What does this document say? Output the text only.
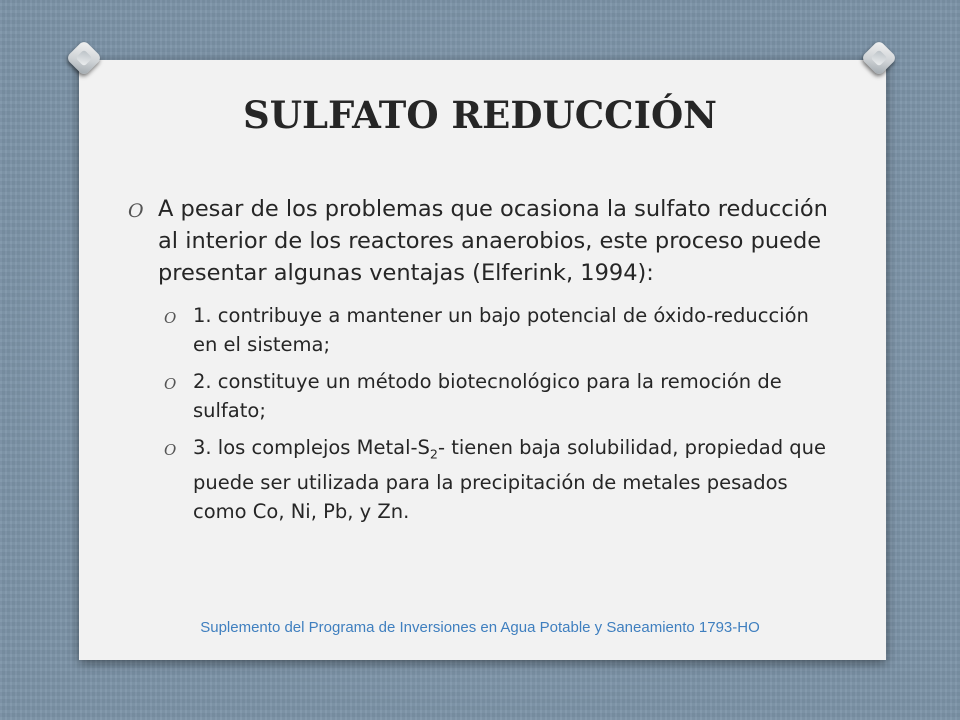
SULFATO REDUCCIÓN
O A pesar de los problemas que ocasiona la sulfato reducción al interior de los reactores anaerobios, este proceso puede presentar algunas ventajas (Elferink, 1994):
O 1. contribuye a mantener un bajo potencial de óxido-reducción en el sistema;
O 2. constituye un método biotecnológico para la remoción de sulfato;
O 3. los complejos Metal-$S_2-$ tienen baja solubilidad, propiedad que puede ser utilizada para la precipitación de metales pesados como Co, Ni, Pb, y Zn.
Suplemento del Programa de Inversiones en Agua Potable y Saneamiento 1793-HO
